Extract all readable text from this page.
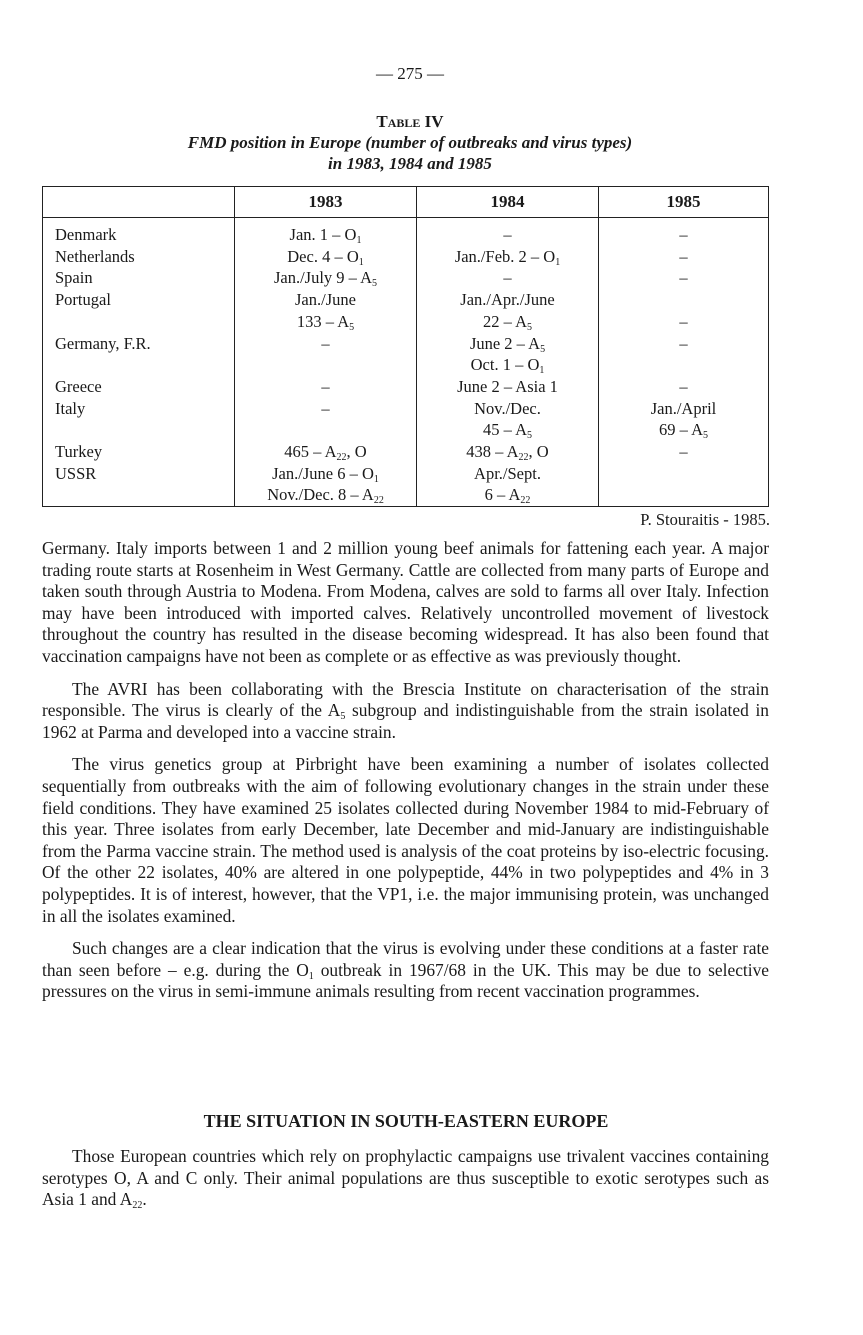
— 275 —
Table IV
FMD position in Europe (number of outbreaks and virus types)
in 1983, 1984 and 1985
	1983	1984	1985
Denmark	Jan. $1 - O_1$	–	–
Netherlands	Dec. $4 - O_1$	Jan./Feb. $2 - O_1$	–
Spain	Jan./July $9 - A_5$	–	–
Portugal	Jan./June	Jan./Apr./June	
	$133 - A_5$	$22 - A_5$	–
Germany, F.R.	–	June $2 - A_5$	–
		Oct. $1 - O_1$	
Greece	–	June 2 – Asia 1	–
Italy	–	Nov./Dec.	Jan./April
		$45 - A_5$	$69 - A_5$
Turkey	$465 - A_{22}$, O	$438 - A_{22}$, O	–
USSR	Jan./June $6 - O_1$	Apr./Sept.	
	Nov./Dec. $8 - A_{22}$	$6 - A_{22}$	
P. Stouraitis - 1985.

Germany. Italy imports between 1 and 2 million young beef animals for fattening each year. A major trading route starts at Rosenheim in West Germany. Cattle are collected from many parts of Europe and taken south through Austria to Modena. From Modena, calves are sold to farms all over Italy. Infection may have been introduced with imported calves. Relatively uncontrolled movement of livestock throughout the country has resulted in the disease becoming widespread. It has also been found that vaccination campaigns have not been as complete or as effective as was previously thought.

The AVRI has been collaborating with the Brescia Institute on characterisation of the strain responsible. The virus is clearly of the $A_5$ subgroup and indistinguishable from the strain isolated in 1962 at Parma and developed into a vaccine strain.

The virus genetics group at Pirbright have been examining a number of isolates collected sequentially from outbreaks with the aim of following evolutionary changes in the strain under these field conditions. They have examined 25 isolates collected during November 1984 to mid-February of this year. Three isolates from early December, late December and mid-January are indistinguishable from the Parma vaccine strain. The method used is analysis of the coat proteins by iso-electric focusing. Of the other 22 isolates, 40% are altered in one polypeptide, 44% in two polypeptides and 4% in 3 polypeptides. It is of interest, however, that the VP1, i.e. the major immunising protein, was unchanged in all the isolates examined.

Such changes are a clear indication that the virus is evolving under these conditions at a faster rate than seen before – e.g. during the $O_1$ outbreak in 1967/68 in the UK. This may be due to selective pressures on the virus in semi-immune animals resulting from recent vaccination programmes.

THE SITUATION IN SOUTH-EASTERN EUROPE

Those European countries which rely on prophylactic campaigns use trivalent vaccines containing serotypes O, A and C only. Their animal populations are thus susceptible to exotic serotypes such as Asia 1 and $A_{22}$.
